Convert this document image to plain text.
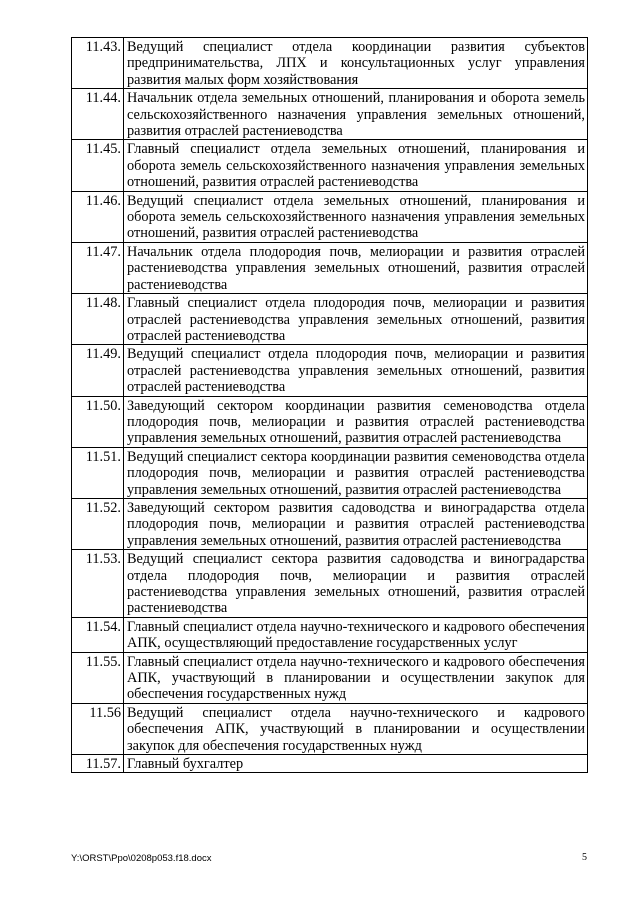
11.43.	Ведущий специалист отдела координации развития субъектов предпринимательства, ЛПХ и консультационных услуг управления развития малых форм хозяйствования
11.44.	Начальник отдела земельных отношений, планирования и оборота земель сельскохозяйственного назначения управления земельных отношений, развития отраслей растениеводства
11.45.	Главный специалист отдела земельных отношений, планирования и оборота земель сельскохозяйственного назначения управления земельных отношений, развития отраслей растениеводства
11.46.	Ведущий специалист отдела земельных отношений, планирования и оборота земель сельскохозяйственного назначения управления земельных отношений, развития отраслей растениеводства
11.47.	Начальник отдела плодородия почв, мелиорации и развития отраслей растениеводства управления земельных отношений, развития отраслей растениеводства
11.48.	Главный специалист отдела плодородия почв, мелиорации и развития отраслей растениеводства управления земельных отношений, развития отраслей растениеводства
11.49.	Ведущий специалист отдела плодородия почв, мелиорации и развития отраслей растениеводства управления земельных отношений, развития отраслей растениеводства
11.50.	Заведующий сектором координации развития семеноводства отдела плодородия почв, мелиорации и развития отраслей растениеводства управления земельных отношений, развития отраслей растениеводства
11.51.	Ведущий специалист сектора координации развития семеноводства отдела плодородия почв, мелиорации и развития отраслей растениеводства управления земельных отношений, развития отраслей растениеводства
11.52.	Заведующий сектором развития садоводства и виноградарства отдела плодородия почв, мелиорации и развития отраслей растениеводства управления земельных отношений, развития отраслей растениеводства
11.53.	Ведущий специалист сектора развития садоводства и виноградарства отдела плодородия почв, мелиорации и развития отраслей растениеводства управления земельных отношений, развития отраслей растениеводства
11.54.	Главный специалист отдела научно-технического и кадрового обеспечения АПК, осуществляющий предоставление государственных услуг
11.55.	Главный специалист отдела научно-технического и кадрового обеспечения АПК, участвующий в планировании и осуществлении закупок для обеспечения государственных нужд
11.56	Ведущий специалист отдела научно-технического и кадрового обеспечения АПК, участвующий в планировании и осуществлении закупок для обеспечения государственных нужд
11.57.	Главный бухгалтер
Y:\ORST\Ppo\0208p053.f18.docx	5
